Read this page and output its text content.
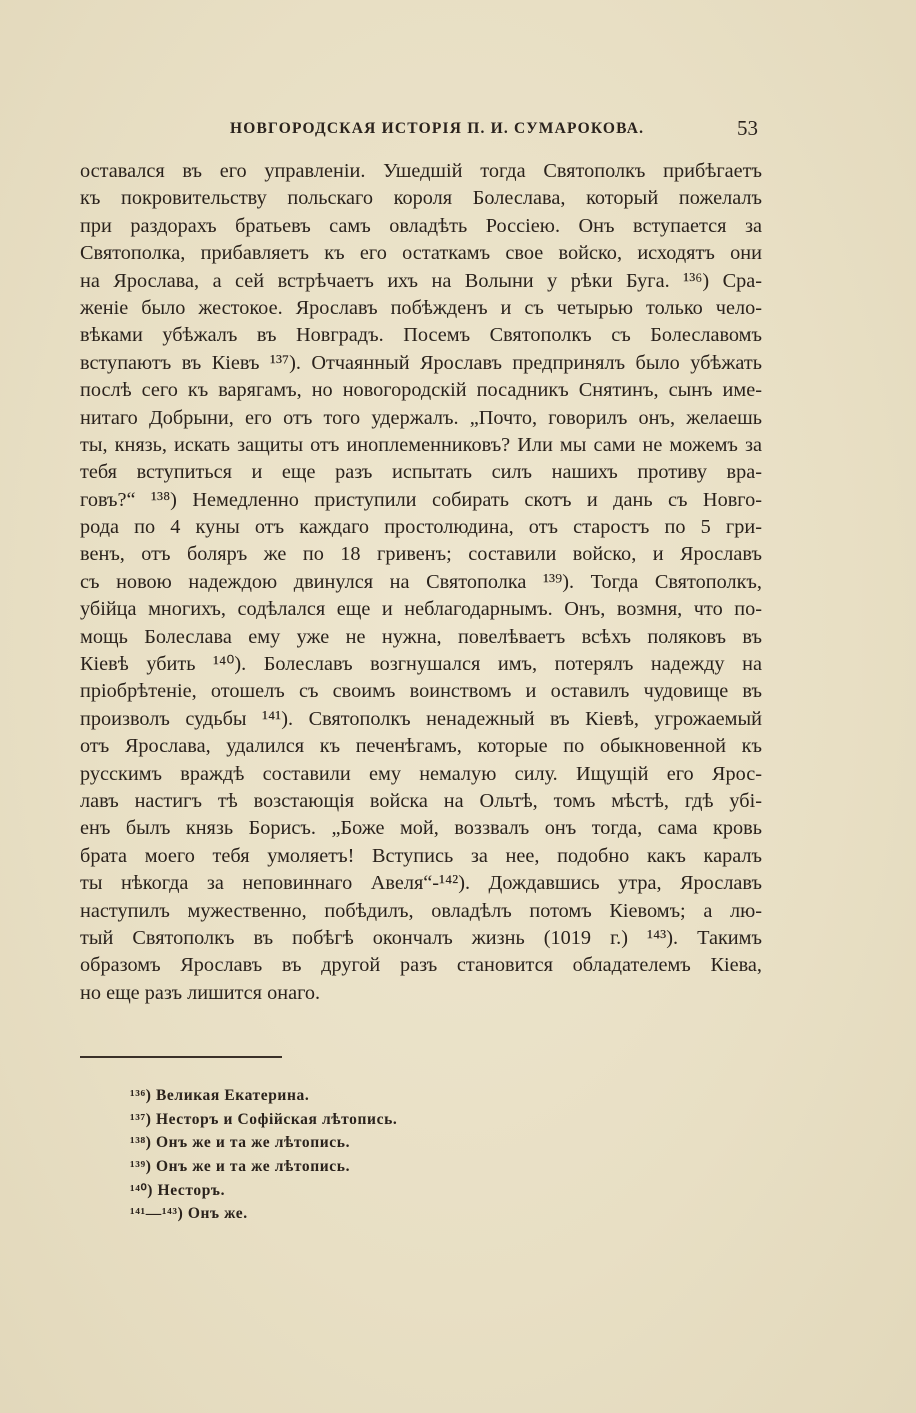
НОВГОРОДСКАЯ ИСТОРІЯ П. И. СУМАРОКОВА.	53
оставался въ его управленіи. Ушедшій тогда Святополкъ прибѣгаетъ
къ покровительству польскаго короля Болеслава, который пожелалъ
при раздорахъ братьевъ самъ овладѣть Россіею. Онъ вступается за
Святополка, прибавляетъ къ его остаткамъ свое войско, исходятъ они
на Ярослава, а сей встрѣчаетъ ихъ на Волыни у рѣки Буга. ¹³⁶) Сра-
женіе было жестокое. Ярославъ побѣжденъ и съ четырью только чело-
вѣками убѣжалъ въ Новградъ. Посемъ Святополкъ съ Болеславомъ
вступаютъ въ Кіевъ ¹³⁷). Отчаянный Ярославъ предпринялъ было убѣжать
послѣ сего къ варягамъ, но новогородскій посадникъ Снятинъ, сынъ име-
нитаго Добрыни, его отъ того удержалъ. „Почто, говорилъ онъ, желаешь
ты, князь, искать защиты отъ иноплеменниковъ? Или мы сами не можемъ за
тебя вступиться и еще разъ испытать силъ нашихъ противу вра-
говъ?“ ¹³⁸) Немедленно приступили собирать скотъ и дань съ Новго-
рода по 4 куны отъ каждаго простолюдина, отъ старостъ по 5 гри-
венъ, отъ боляръ же по 18 гривенъ; составили войско, и Ярославъ
съ новою надеждою двинулся на Святополка ¹³⁹). Тогда Святополкъ,
убійца многихъ, содѣлался еще и неблагодарнымъ. Онъ, возмня, что по-
мощь Болеслава ему уже не нужна, повелѣваетъ всѣхъ поляковъ въ
Кіевѣ убить ¹⁴⁰). Болеславъ возгнушался имъ, потерялъ надежду на
пріобрѣтеніе, отошелъ съ своимъ воинствомъ и оставилъ чудовище въ
произволъ судьбы ¹⁴¹). Святополкъ ненадежный въ Кіевѣ, угрожаемый
отъ Ярослава, удалился къ печенѣгамъ, которые по обыкновенной къ
русскимъ враждѣ составили ему немалую силу. Ищущій его Ярос-
лавъ настигъ тѣ возстающія войска на Ольтѣ, томъ мѣстѣ, гдѣ убі-
енъ былъ князь Борисъ. „Боже мой, воззвалъ онъ тогда, сама кровь
брата моего тебя умоляетъ! Вступись за нее, подобно какъ каралъ
ты нѣкогда за неповиннаго Авеля“-¹⁴²). Дождавшись утра, Ярославъ
наступилъ мужественно, побѣдилъ, овладѣлъ потомъ Кіевомъ; а лю-
тый Святополкъ въ побѣгѣ окончалъ жизнь (1019 г.) ¹⁴³). Такимъ
образомъ Ярославъ въ другой разъ становится обладателемъ Кіева,
но еще разъ лишится онаго.
¹³⁶) Великая Екатерина.
¹³⁷) Несторъ и Софійская лѣтопись.
¹³⁸) Онъ же и та же лѣтопись.
¹³⁹) Онъ же и та же лѣтопись.
¹⁴⁰) Несторъ.
¹⁴¹—¹⁴³) Онъ же.
